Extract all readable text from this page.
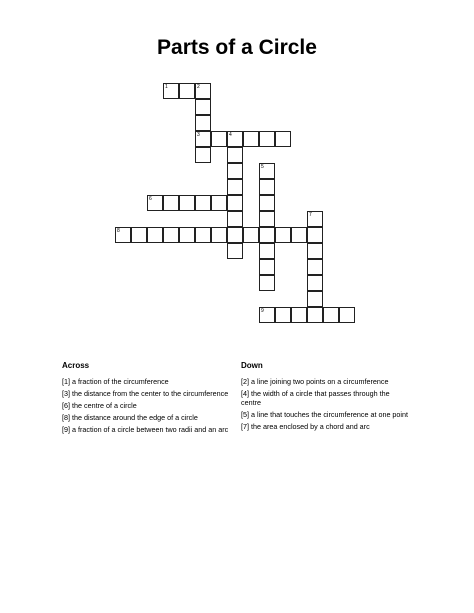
Parts of a Circle
1	2
3	4
5
6
7
8
9
Across	Down
[1] a fraction of the circumference
[3] the distance from the center to the circumference
[6] the centre of a circle
[8] the distance around the edge of a circle
[9] a fraction of a circle between two radii and an arc
[2] a line joining two points on a circumference
[4] the width of a circle that passes through the centre
[5] a line that touches the circumference at one point
[7] the area enclosed by a chord and arc
